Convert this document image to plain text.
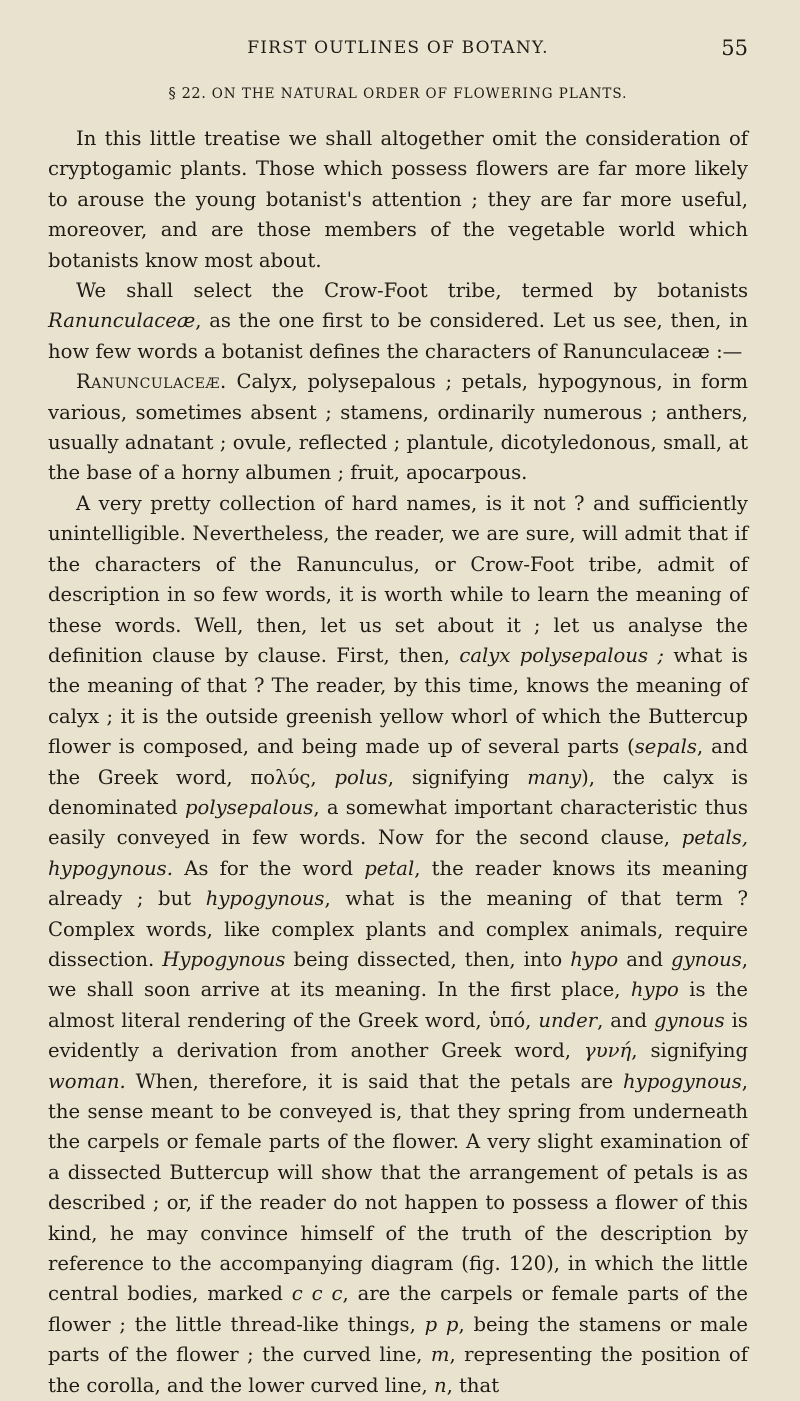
FIRST OUTLINES OF BOTANY.	55
§ 22. ON THE NATURAL ORDER OF FLOWERING PLANTS.

In this little treatise we shall altogether omit the consideration of cryptogamic plants. Those which possess flowers are far more likely to arouse the young botanist's attention ; they are far more useful, moreover, and are those members of the vegetable world which botanists know most about.

We shall select the Crow-Foot tribe, termed by botanists Ranunculaceæ, as the one first to be considered. Let us see, then, in how few words a botanist defines the characters of Ranunculaceæ :—

Ranunculaceæ. Calyx, polysepalous ; petals, hypogynous, in form various, sometimes absent ; stamens, ordinarily numerous ; anthers, usually adnatant ; ovule, reflected ; plantule, dicotyledonous, small, at the base of a horny albumen ; fruit, apocarpous.

A very pretty collection of hard names, is it not ? and sufficiently unintelligible. Nevertheless, the reader, we are sure, will admit that if the characters of the Ranunculus, or Crow-Foot tribe, admit of description in so few words, it is worth while to learn the meaning of these words. Well, then, let us set about it ; let us analyse the definition clause by clause. First, then, calyx polysepalous ; what is the meaning of that ? The reader, by this time, knows the meaning of calyx ; it is the outside greenish yellow whorl of which the Buttercup flower is composed, and being made up of several parts (sepals, and the Greek word, πολύς, polus, signifying many), the calyx is denominated polysepalous, a somewhat important characteristic thus easily conveyed in few words. Now for the second clause, petals, hypogynous. As for the word petal, the reader knows its meaning already ; but hypogynous, what is the meaning of that term ? Complex words, like complex plants and complex animals, require dissection. Hypogynous being dissected, then, into hypo and gynous, we shall soon arrive at its meaning. In the first place, hypo is the almost literal rendering of the Greek word, ὑπό, under, and gynous is evidently a derivation from another Greek word, γυνή, signifying woman. When, therefore, it is said that the petals are hypogynous, the sense meant to be conveyed is, that they spring from underneath the carpels or female parts of the flower. A very slight examination of a dissected Buttercup will show that the arrangement of petals is as described ; or, if the reader do not happen to possess a flower of this kind, he may convince himself of the truth of the description by reference to the accompanying diagram (fig. 120), in which the little central bodies, marked c c c, are the carpels or female parts of the flower ; the little thread-like things, p p, being the stamens or male parts of the flower ; the curved line, m, representing the position of the corolla, and the lower curved line, n, that
